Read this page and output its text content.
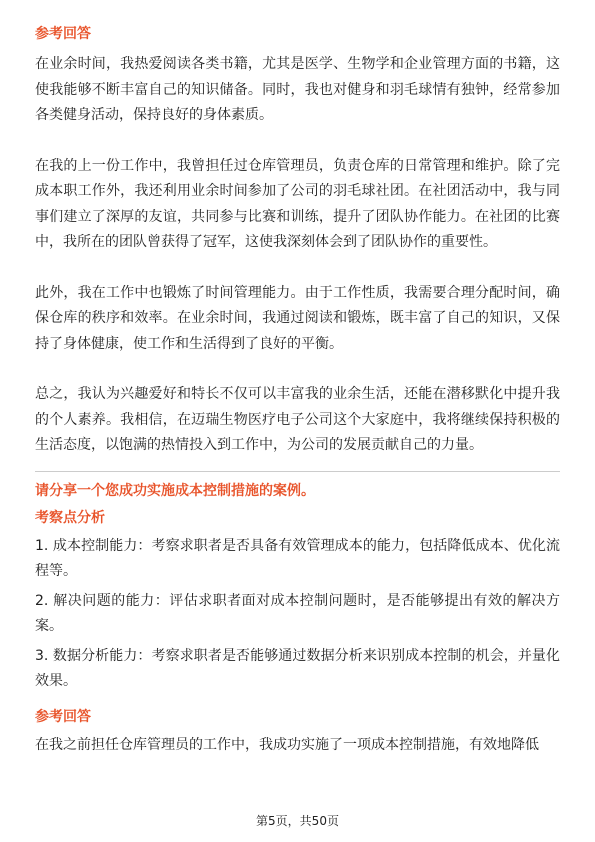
参考回答

在业余时间，我热爱阅读各类书籍，尤其是医学、生物学和企业管理方面的书籍，这使我能够不断丰富自己的知识储备。同时，我也对健身和羽毛球情有独钟，经常参加各类健身活动，保持良好的身体素质。

在我的上一份工作中，我曾担任过仓库管理员，负责仓库的日常管理和维护。除了完成本职工作外，我还利用业余时间参加了公司的羽毛球社团。在社团活动中，我与同事们建立了深厚的友谊，共同参与比赛和训练，提升了团队协作能力。在社团的比赛中，我所在的团队曾获得了冠军，这使我深刻体会到了团队协作的重要性。

此外，我在工作中也锻炼了时间管理能力。由于工作性质，我需要合理分配时间，确保仓库的秩序和效率。在业余时间，我通过阅读和锻炼，既丰富了自己的知识，又保持了身体健康，使工作和生活得到了良好的平衡。

总之，我认为兴趣爱好和特长不仅可以丰富我的业余生活，还能在潜移默化中提升我的个人素养。我相信，在迈瑞生物医疗电子公司这个大家庭中，我将继续保持积极的生活态度，以饱满的热情投入到工作中，为公司的发展贡献自己的力量。

请分享一个您成功实施成本控制措施的案例。
考察点分析

1. 成本控制能力：考察求职者是否具备有效管理成本的能力，包括降低成本、优化流程等。

2. 解决问题的能力：评估求职者面对成本控制问题时，是否能够提出有效的解决方案。

3. 数据分析能力：考察求职者是否能够通过数据分析来识别成本控制的机会，并量化效果。

参考回答

在我之前担任仓库管理员的工作中，我成功实施了一项成本控制措施，有效地降低

第5页，共50页
